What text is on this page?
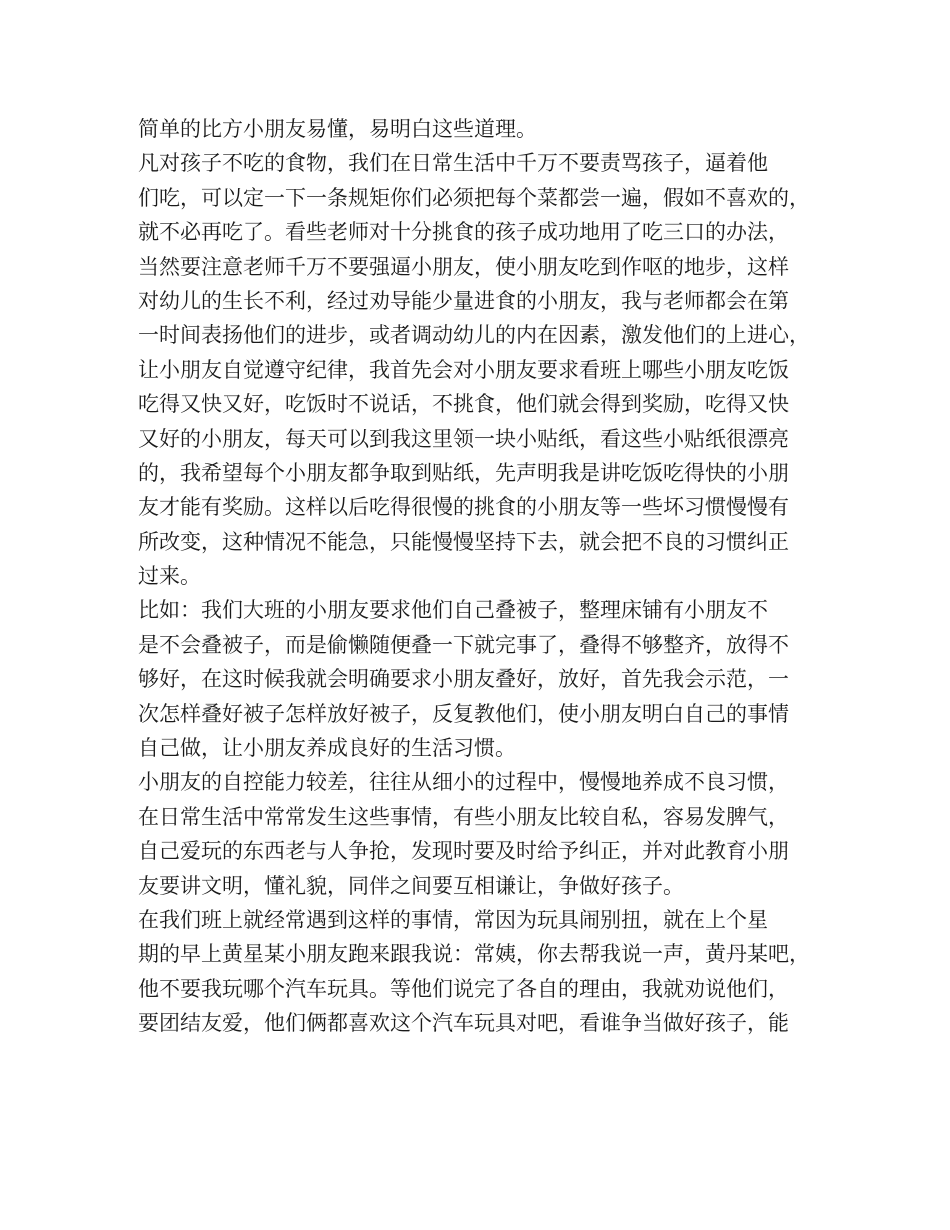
简单的比方小朋友易懂，易明白这些道理。
凡对孩子不吃的食物，我们在日常生活中千万不要责骂孩子，逼着他
们吃，可以定一下一条规矩你们必须把每个菜都尝一遍，假如不喜欢的，
就不必再吃了。看些老师对十分挑食的孩子成功地用了吃三口的办法，
当然要注意老师千万不要强逼小朋友，使小朋友吃到作呕的地步，这样
对幼儿的生长不利，经过劝导能少量进食的小朋友，我与老师都会在第
一时间表扬他们的进步，或者调动幼儿的内在因素，激发他们的上进心，
让小朋友自觉遵守纪律，我首先会对小朋友要求看班上哪些小朋友吃饭
吃得又快又好，吃饭时不说话，不挑食，他们就会得到奖励，吃得又快
又好的小朋友，每天可以到我这里领一块小贴纸，看这些小贴纸很漂亮
的，我希望每个小朋友都争取到贴纸，先声明我是讲吃饭吃得快的小朋
友才能有奖励。这样以后吃得很慢的挑食的小朋友等一些坏习惯慢慢有
所改变，这种情况不能急，只能慢慢坚持下去，就会把不良的习惯纠正
过来。
比如：我们大班的小朋友要求他们自己叠被子，整理床铺有小朋友不
是不会叠被子，而是偷懒随便叠一下就完事了，叠得不够整齐，放得不
够好，在这时候我就会明确要求小朋友叠好，放好，首先我会示范，一
次怎样叠好被子怎样放好被子，反复教他们，使小朋友明白自己的事情
自己做，让小朋友养成良好的生活习惯。
小朋友的自控能力较差，往往从细小的过程中，慢慢地养成不良习惯，
在日常生活中常常发生这些事情，有些小朋友比较自私，容易发脾气，
自己爱玩的东西老与人争抢，发现时要及时给予纠正，并对此教育小朋
友要讲文明，懂礼貌，同伴之间要互相谦让，争做好孩子。
在我们班上就经常遇到这样的事情，常因为玩具闹别扭，就在上个星
期的早上黄星某小朋友跑来跟我说：常姨，你去帮我说一声，黄丹某吧，
他不要我玩哪个汽车玩具。等他们说完了各自的理由，我就劝说他们，
要团结友爱，他们俩都喜欢这个汽车玩具对吧，看谁争当做好孩子，能
